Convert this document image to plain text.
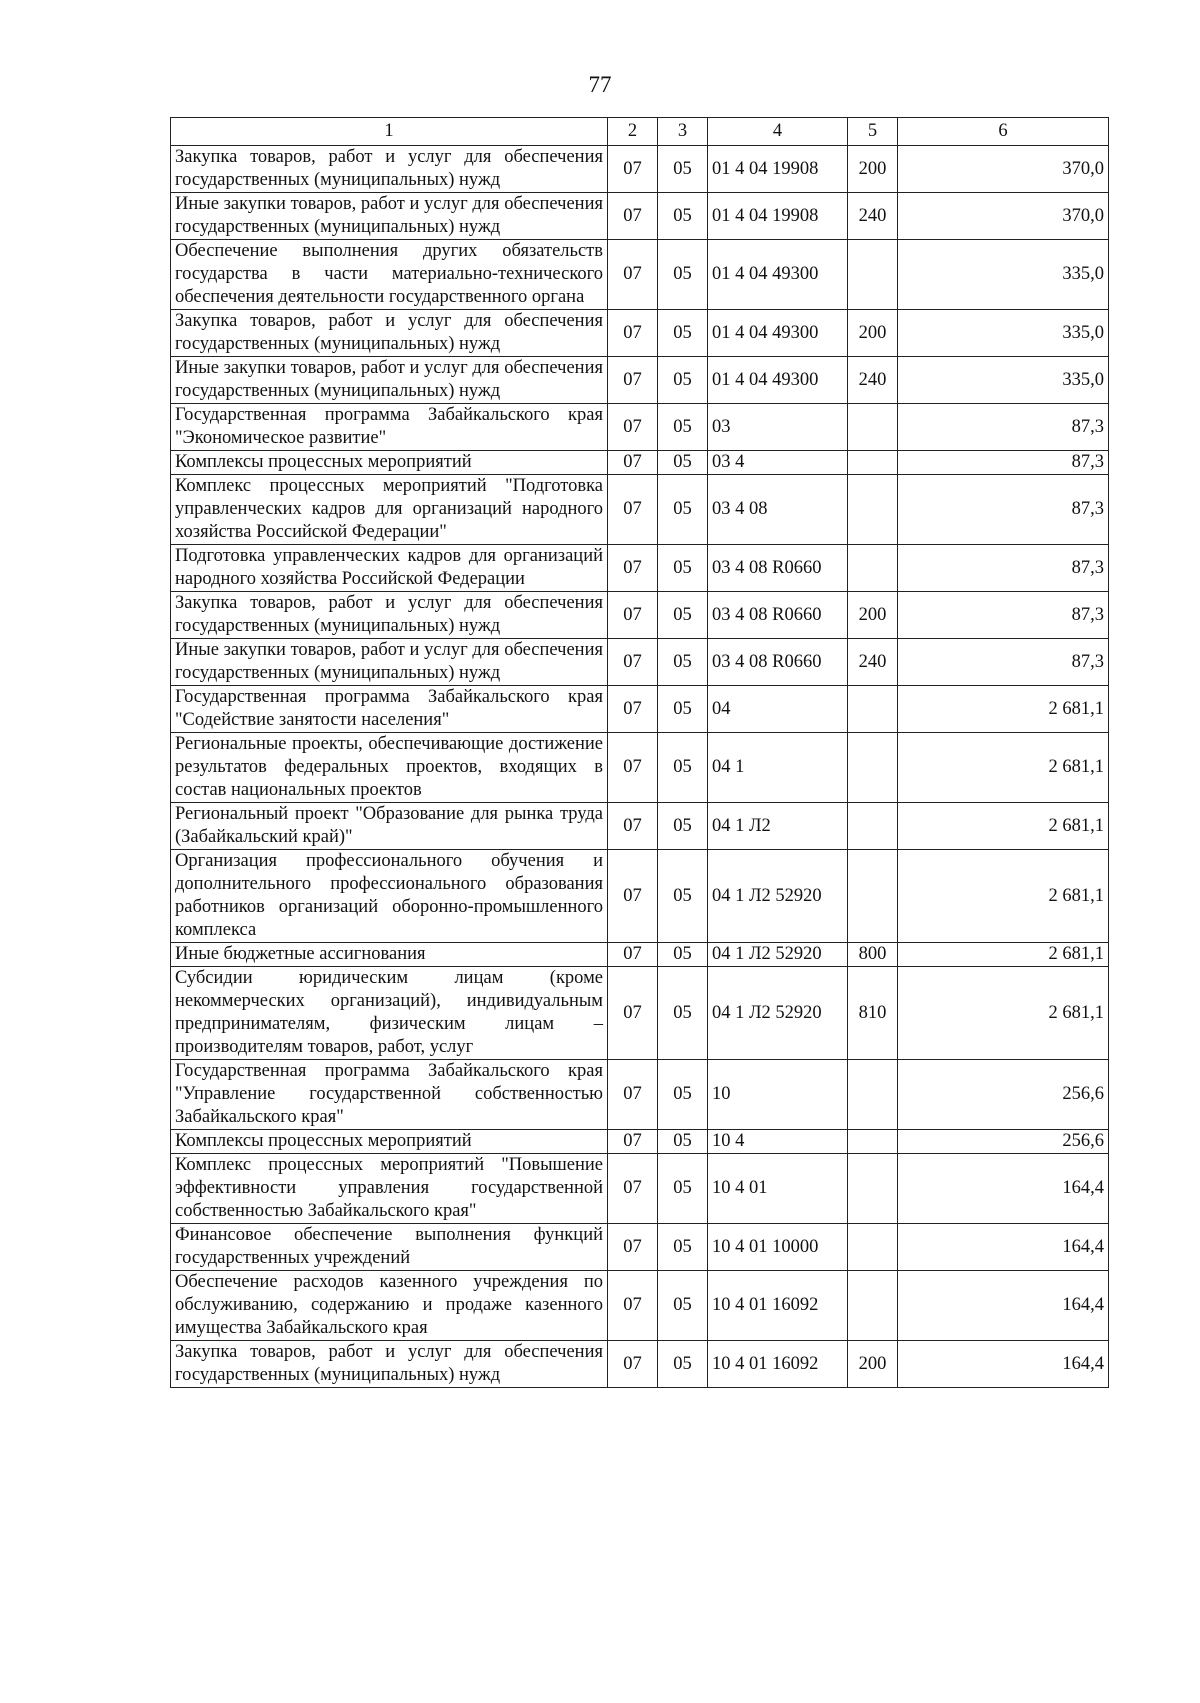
77
1	2	3	4	5	6
Закупка товаров, работ и услуг для обеспечения государственных (муниципальных) нужд	07	05	01 4 04 19908	200	370,0
Иные закупки товаров, работ и услуг для обеспечения государственных (муниципальных) нужд	07	05	01 4 04 19908	240	370,0
Обеспечение выполнения других обязательств государства в части материально-технического обеспечения деятельности государственного органа	07	05	01 4 04 49300		335,0
Закупка товаров, работ и услуг для обеспечения государственных (муниципальных) нужд	07	05	01 4 04 49300	200	335,0
Иные закупки товаров, работ и услуг для обеспечения государственных (муниципальных) нужд	07	05	01 4 04 49300	240	335,0
Государственная программа Забайкальского края "Экономическое развитие"	07	05	03		87,3
Комплексы процессных мероприятий	07	05	03 4		87,3
Комплекс процессных мероприятий "Подготовка управленческих кадров для организаций народного хозяйства Российской Федерации"	07	05	03 4 08		87,3
Подготовка управленческих кадров для организаций народного хозяйства Российской Федерации	07	05	03 4 08 R0660		87,3
Закупка товаров, работ и услуг для обеспечения государственных (муниципальных) нужд	07	05	03 4 08 R0660	200	87,3
Иные закупки товаров, работ и услуг для обеспечения государственных (муниципальных) нужд	07	05	03 4 08 R0660	240	87,3
Государственная программа Забайкальского края "Содействие занятости населения"	07	05	04		2 681,1
Региональные проекты, обеспечивающие достижение результатов федеральных проектов, входящих в состав национальных проектов	07	05	04 1		2 681,1
Региональный проект "Образование для рынка труда (Забайкальский край)"	07	05	04 1 Л2		2 681,1
Организация профессионального обучения и дополнительного профессионального образования работников организаций оборонно-промышленного комплекса	07	05	04 1 Л2 52920		2 681,1
Иные бюджетные ассигнования	07	05	04 1 Л2 52920	800	2 681,1
Субсидии юридическим лицам (кроме некоммерческих организаций), индивидуальным предпринимателям, физическим лицам – производителям товаров, работ, услуг	07	05	04 1 Л2 52920	810	2 681,1
Государственная программа Забайкальского края "Управление государственной собственностью Забайкальского края"	07	05	10		256,6
Комплексы процессных мероприятий	07	05	10 4		256,6
Комплекс процессных мероприятий "Повышение эффективности управления государственной собственностью Забайкальского края"	07	05	10 4 01		164,4
Финансовое обеспечение выполнения функций государственных учреждений	07	05	10 4 01 10000		164,4
Обеспечение расходов казенного учреждения по обслуживанию, содержанию и продаже казенного имущества Забайкальского края	07	05	10 4 01 16092		164,4
Закупка товаров, работ и услуг для обеспечения государственных (муниципальных) нужд	07	05	10 4 01 16092	200	164,4
